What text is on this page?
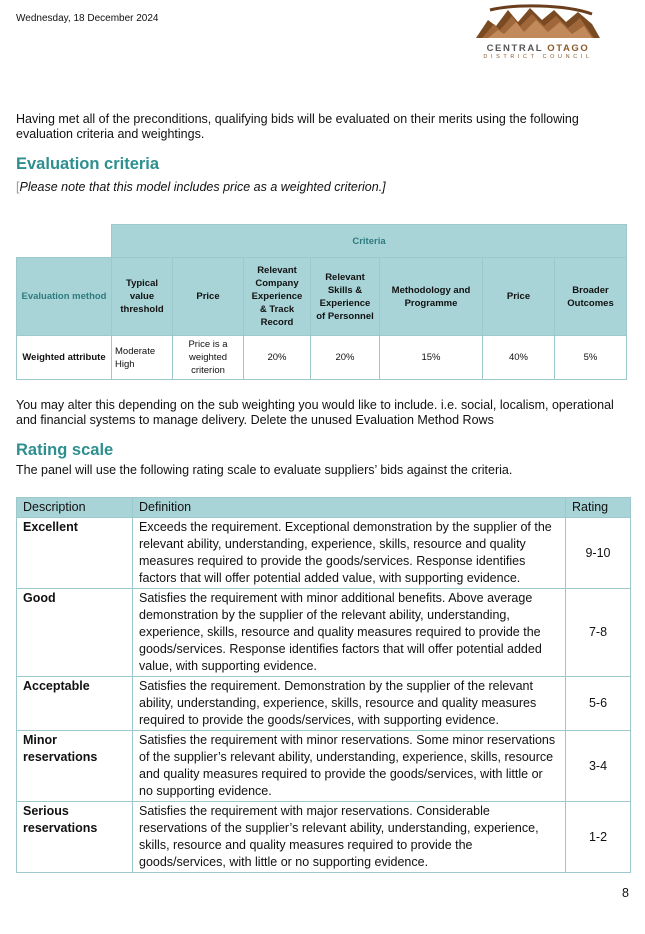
Wednesday, 18 December 2024
CENTRAL OTAGO
DISTRICT COUNCIL
Having met all of the preconditions, qualifying bids will be evaluated on their merits using the following evaluation criteria and weightings.
Evaluation criteria
[Please note that this model includes price as a weighted criterion.]
	Criteria						
Evaluation method	Typical value threshold	Price	Relevant Company Experience & Track Record	Relevant Skills & Experience of Personnel	Methodology and Programme	Price	Broader Outcomes
Weighted attribute	Moderate High	Price is a weighted criterion	20%	20%	15%	40%	5%
You may alter this depending on the sub weighting you would like to include. i.e. social, localism, operational and financial systems to manage delivery. Delete the unused Evaluation Method Rows
Rating scale
The panel will use the following rating scale to evaluate suppliers’ bids against the criteria.
Description	Definition	Rating
Excellent	Exceeds the requirement. Exceptional demonstration by the supplier of the relevant ability, understanding, experience, skills, resource and quality measures required to provide the goods/services. Response identifies factors that will offer potential added value, with supporting evidence.	9-10
Good	Satisfies the requirement with minor additional benefits. Above average demonstration by the supplier of the relevant ability, understanding, experience, skills, resource and quality measures required to provide the goods/services. Response identifies factors that will offer potential added value, with supporting evidence.	7-8
Acceptable	Satisfies the requirement. Demonstration by the supplier of the relevant ability, understanding, experience, skills, resource and quality measures required to provide the goods/services, with supporting evidence.	5-6
Minor reservations	Satisfies the requirement with minor reservations. Some minor reservations of the supplier’s relevant ability, understanding, experience, skills, resource and quality measures required to provide the goods/services, with little or no supporting evidence.	3-4
Serious reservations	Satisfies the requirement with major reservations. Considerable reservations of the supplier’s relevant ability, understanding, experience, skills, resource and quality measures required to provide the goods/services, with little or no supporting evidence.	1-2
8
